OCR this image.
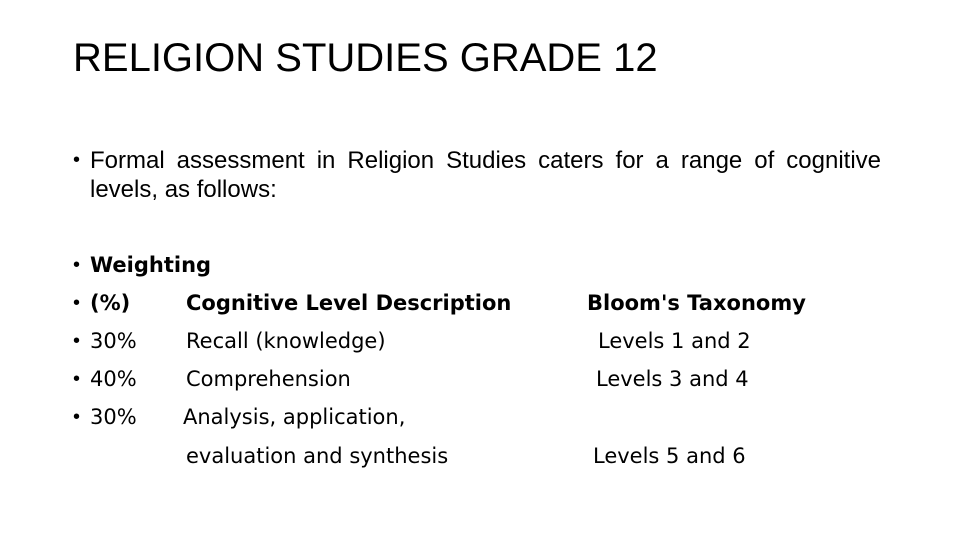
RELIGION STUDIES GRADE 12
• Formal assessment in Religion Studies caters for a range of cognitive levels, as follows:
• Weighting
• (%)	Cognitive Level Description	Bloom's Taxonomy
• 30% Recall (knowledge)	Levels 1 and 2
• 40% Comprehension	Levels 3 and 4
• 30% Analysis, application,
evaluation and synthesis	Levels 5 and 6
